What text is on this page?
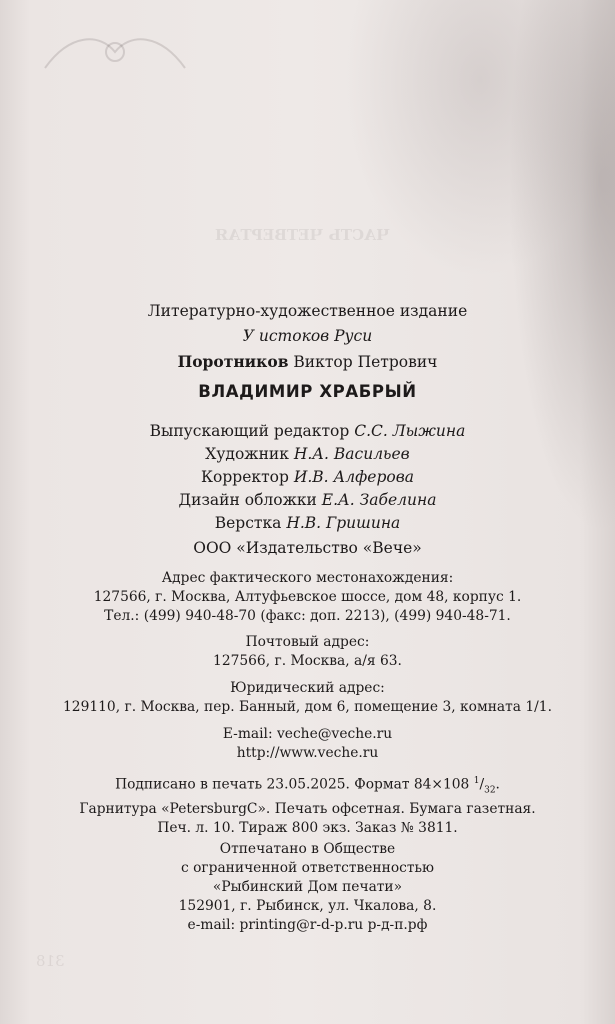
ЧАСТЬ ЧЕТВЕРТАЯ
318
Литературно-художественное издание
У истоков Руси
Поротников Виктор Петрович
ВЛАДИМИР ХРАБРЫЙ
Выпускающий редактор С.С. Лыжина
Художник Н.А. Васильев
Корректор И.В. Алферова
Дизайн обложки Е.А. Забелина
Верстка Н.В. Гришина
ООО «Издательство «Вече»
Адрес фактического местонахождения:
127566, г. Москва, Алтуфьевское шоссе, дом 48, корпус 1.
Тел.: (499) 940-48-70 (факс: доп. 2213), (499) 940-48-71.
Почтовый адрес:
127566, г. Москва, а/я 63.
Юридический адрес:
129110, г. Москва, пер. Банный, дом 6, помещение 3, комната 1/1.
E-mail: veche@veche.ru
http://www.veche.ru
Подписано в печать 23.05.2025. Формат 84×108 $^1/_{32}$.
Гарнитура «PetersburgC». Печать офсетная. Бумага газетная.
Печ. л. 10. Тираж 800 экз. Заказ № 3811.
Отпечатано в Обществе
с ограниченной ответственностью
«Рыбинский Дом печати»
152901, г. Рыбинск, ул. Чкалова, 8.
e-mail: printing@r-d-p.ru р-д-п.рф
